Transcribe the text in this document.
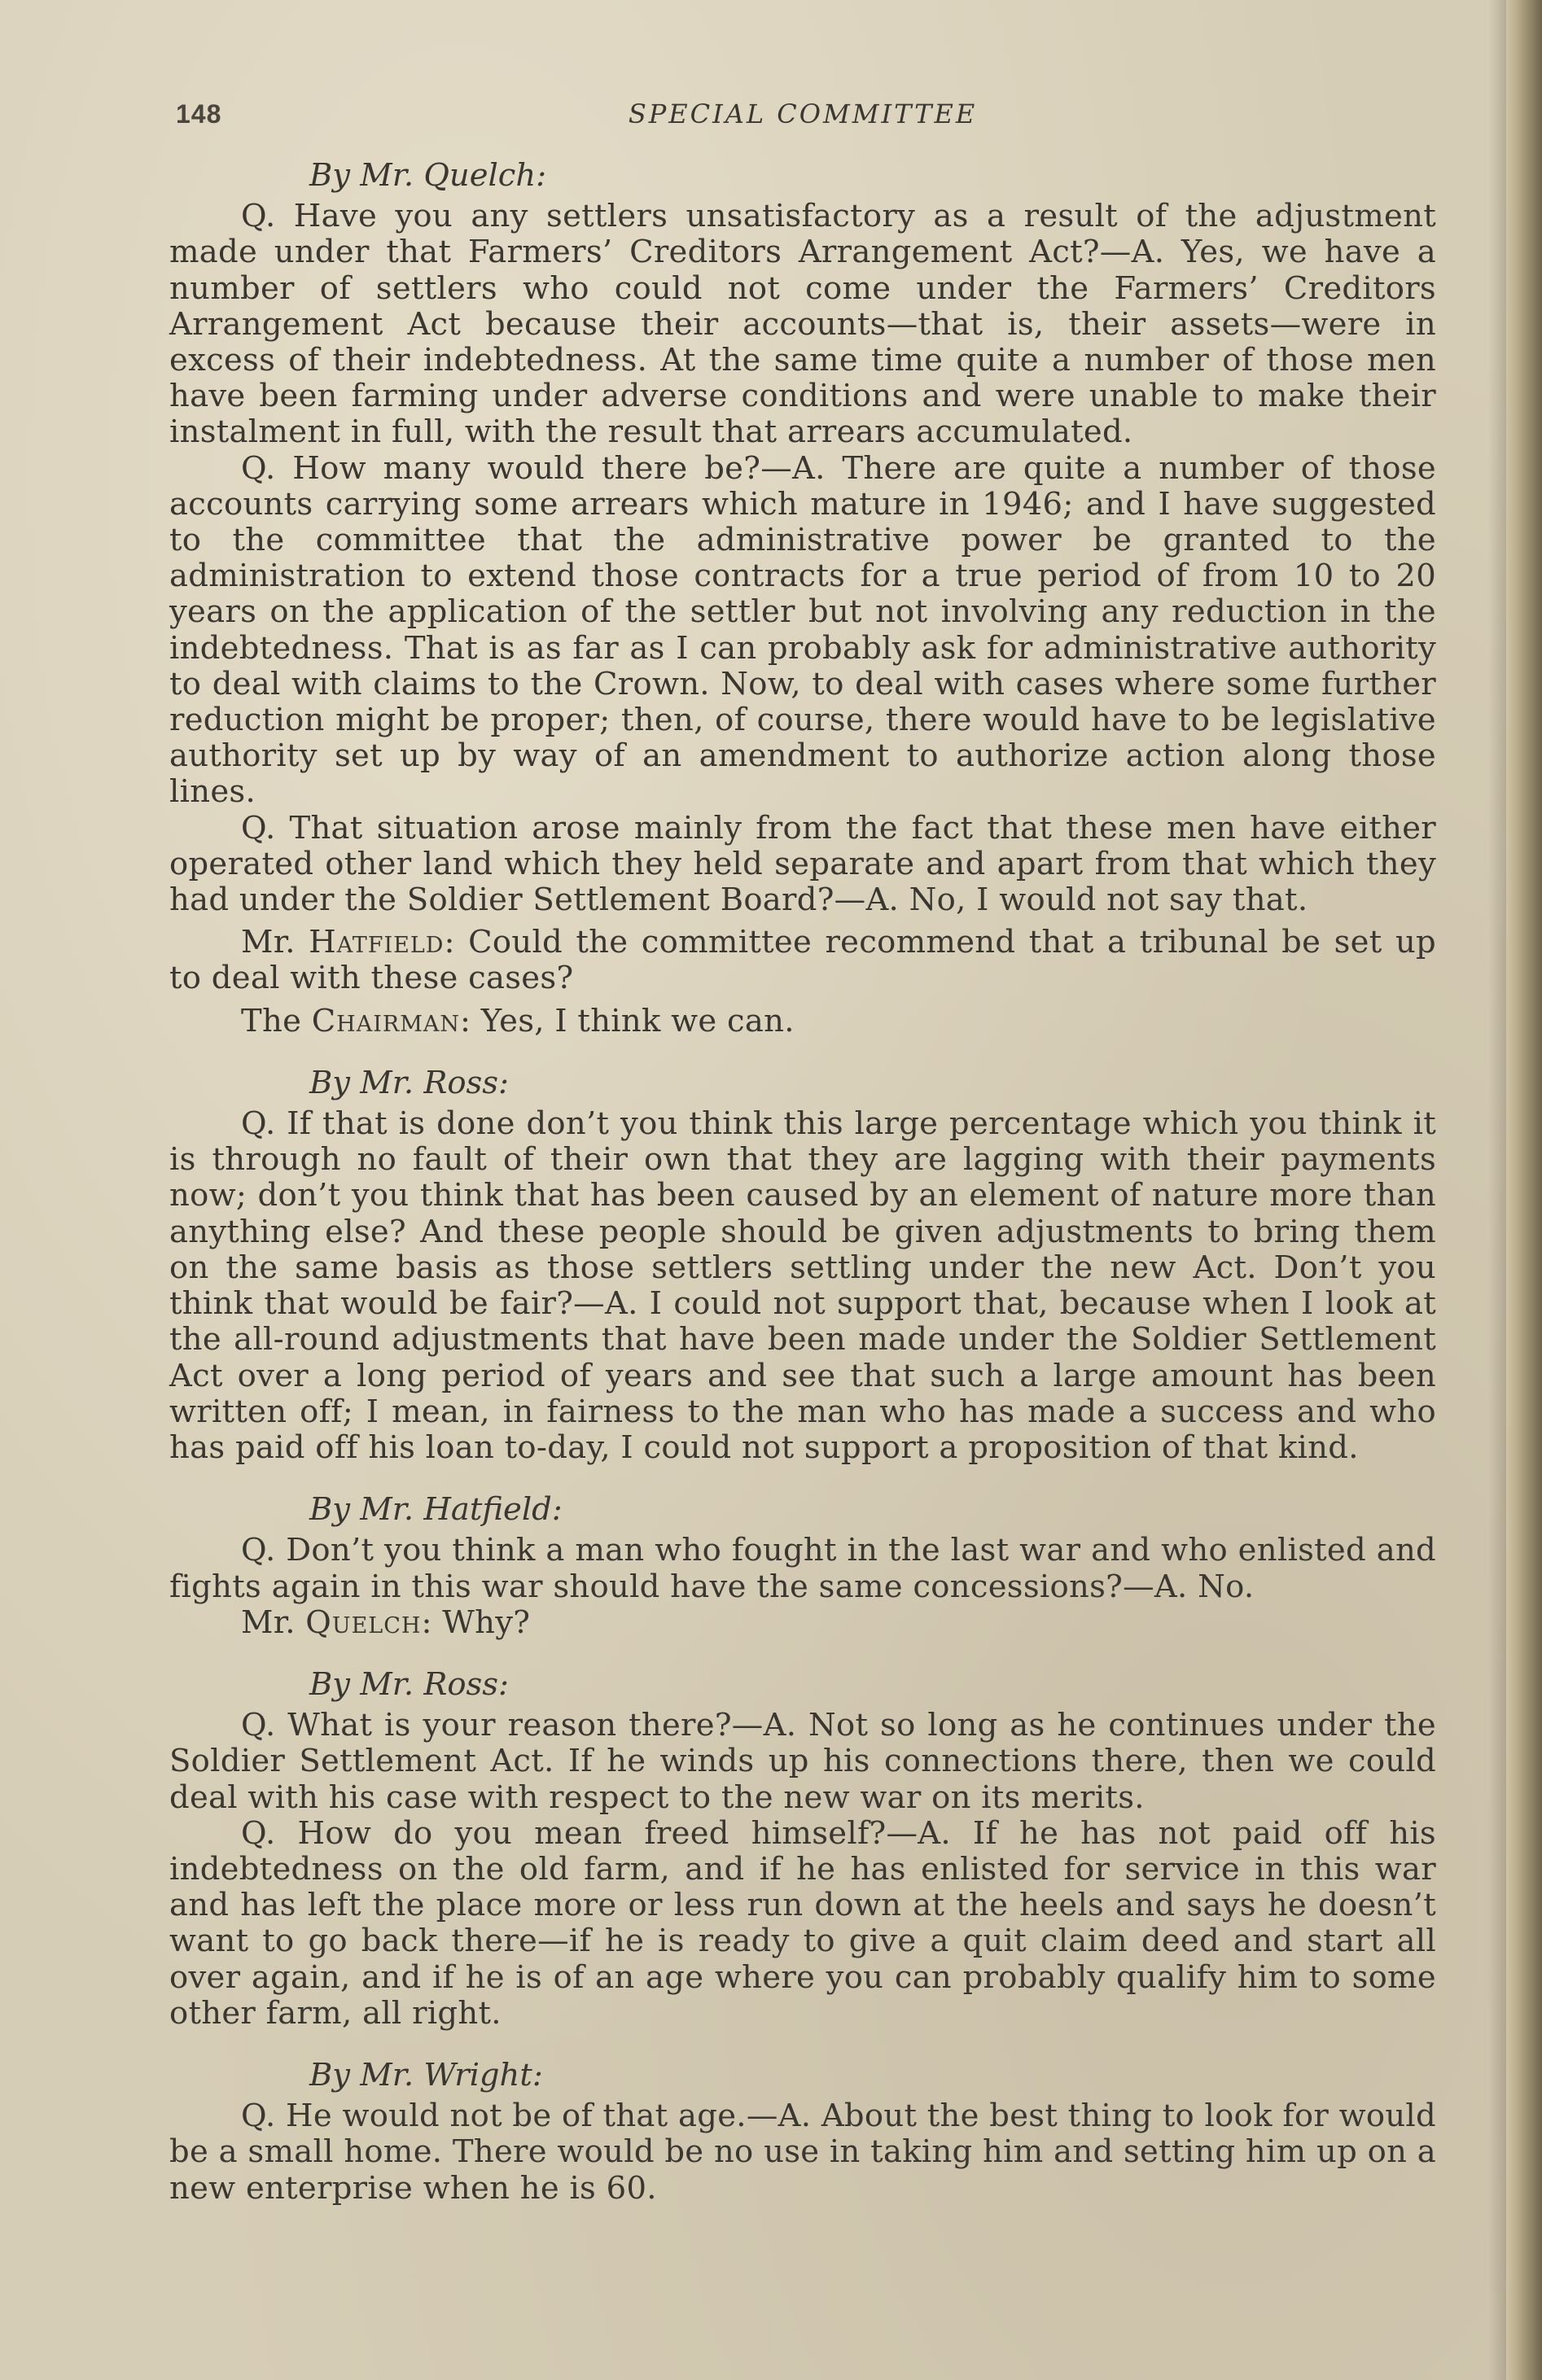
148	SPECIAL COMMITTEE
By Mr. Quelch:

Q. Have you any settlers unsatisfactory as a result of the adjustment made under that Farmers’ Creditors Arrangement Act?—A. Yes, we have a number of settlers who could not come under the Farmers’ Creditors Arrangement Act because their accounts—that is, their assets—were in excess of their indebtedness. At the same time quite a number of those men have been farming under adverse conditions and were unable to make their instalment in full, with the result that arrears accumulated.

Q. How many would there be?—A. There are quite a number of those accounts carrying some arrears which mature in 1946; and I have suggested to the committee that the administrative power be granted to the administration to extend those contracts for a true period of from 10 to 20 years on the application of the settler but not involving any reduction in the indebtedness. That is as far as I can probably ask for administrative authority to deal with claims to the Crown. Now, to deal with cases where some further reduction might be proper; then, of course, there would have to be legislative authority set up by way of an amendment to authorize action along those lines.

Q. That situation arose mainly from the fact that these men have either operated other land which they held separate and apart from that which they had under the Soldier Settlement Board?—A. No, I would not say that.

Mr. Hatfield: Could the committee recommend that a tribunal be set up to deal with these cases?

The Chairman: Yes, I think we can.

By Mr. Ross:

Q. If that is done don’t you think this large percentage which you think it is through no fault of their own that they are lagging with their payments now; don’t you think that has been caused by an element of nature more than anything else? And these people should be given adjustments to bring them on the same basis as those settlers settling under the new Act. Don’t you think that would be fair?—A. I could not support that, because when I look at the all-round adjustments that have been made under the Soldier Settlement Act over a long period of years and see that such a large amount has been written off; I mean, in fairness to the man who has made a success and who has paid off his loan to-day, I could not support a proposition of that kind.

By Mr. Hatfield:

Q. Don’t you think a man who fought in the last war and who enlisted and fights again in this war should have the same concessions?—A. No.

Mr. Quelch: Why?

By Mr. Ross:

Q. What is your reason there?—A. Not so long as he continues under the Soldier Settlement Act. If he winds up his connections there, then we could deal with his case with respect to the new war on its merits.

Q. How do you mean freed himself?—A. If he has not paid off his indebtedness on the old farm, and if he has enlisted for service in this war and has left the place more or less run down at the heels and says he doesn’t want to go back there—if he is ready to give a quit claim deed and start all over again, and if he is of an age where you can probably qualify him to some other farm, all right.

By Mr. Wright:

Q. He would not be of that age.—A. About the best thing to look for would be a small home. There would be no use in taking him and setting him up on a new enterprise when he is 60.
